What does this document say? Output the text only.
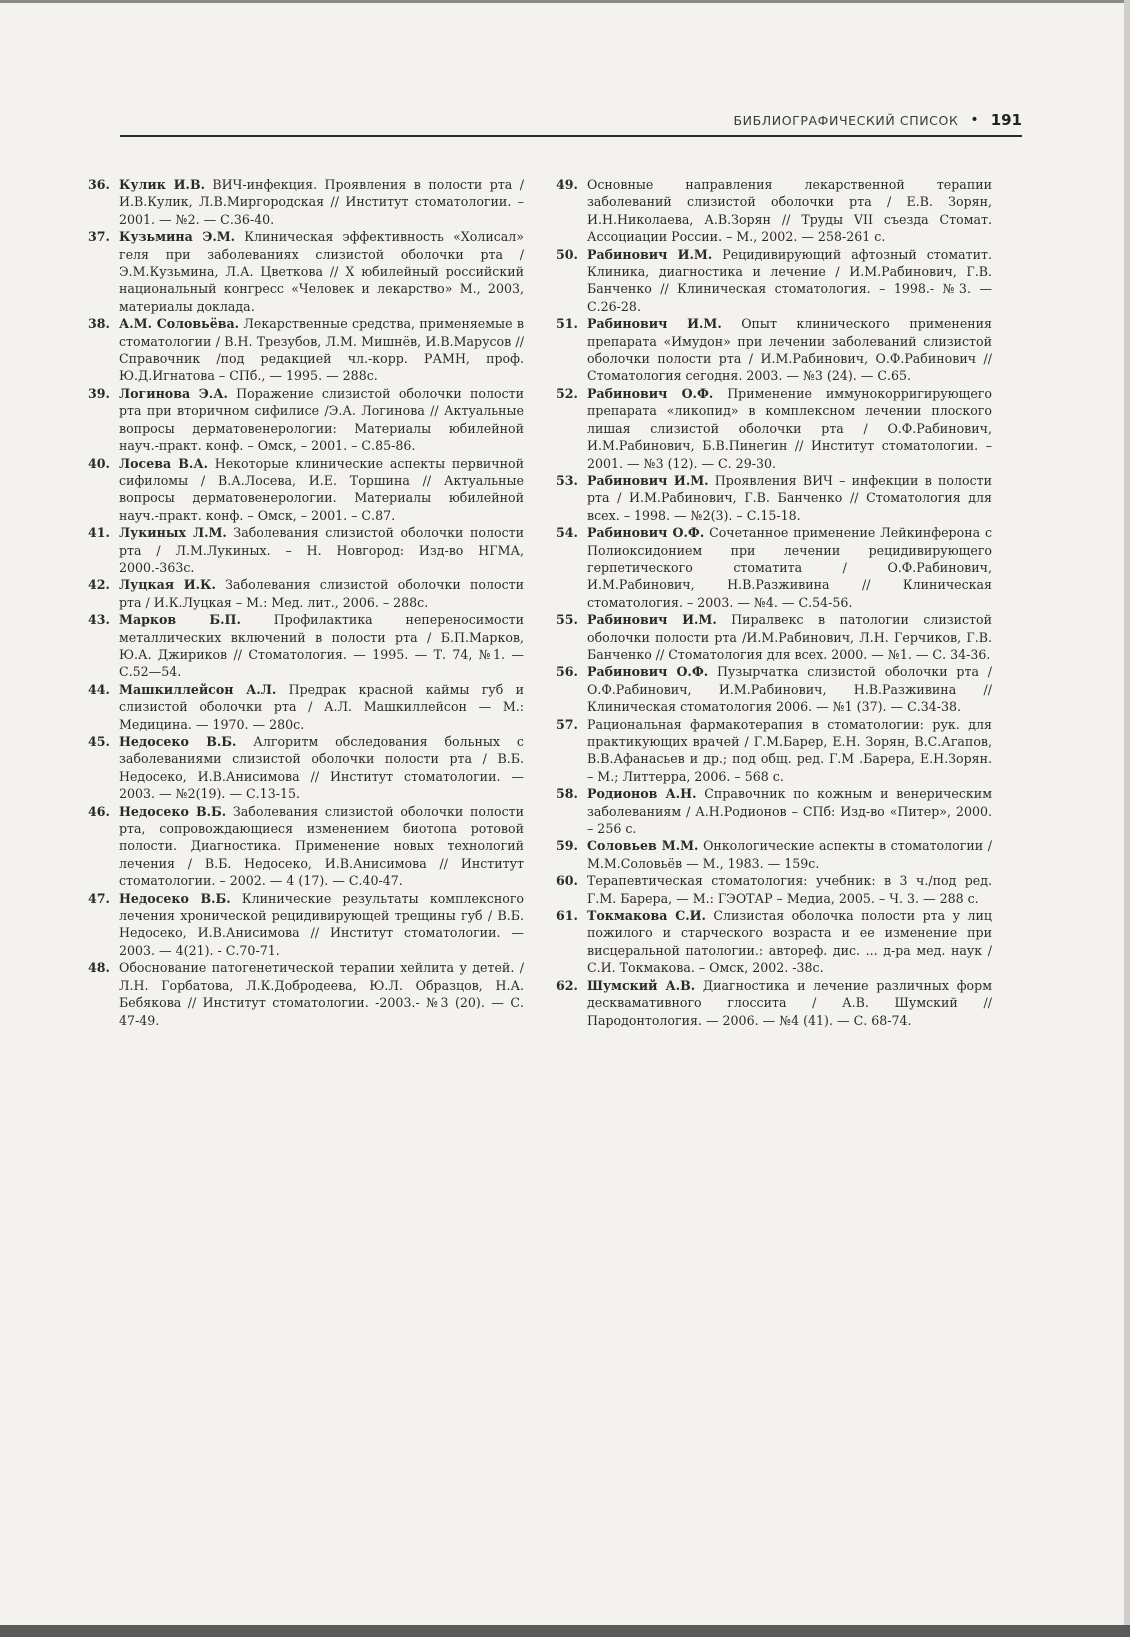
БИБЛИОГРАФИЧЕСКИЙ СПИСОК • 191
36. Кулик И.В. ВИЧ-инфекция. Проявления в полости рта / И.В.Кулик, Л.В.Миргородская // Институт стоматологии. – 2001. — №2. — С.36-40.
37. Кузьмина Э.М. Клиническая эффективность «Холисал» геля при заболеваниях слизистой оболочки рта / Э.М.Кузьмина, Л.А. Цветкова // X юбилейный российский национальный конгресс «Человек и лекарство» М., 2003, материалы доклада.
38. А.М. Соловьёва. Лекарственные средства, применяемые в стоматологии / В.Н. Трезубов, Л.М. Мишнёв, И.В.Марусов // Справочник /под редакцией чл.-корр. РАМН, проф. Ю.Д.Игнатова – СПб., — 1995. — 288с.
39. Логинова Э.А. Поражение слизистой оболочки полости рта при вторичном сифилисе /Э.А. Логинова // Актуальные вопросы дерматовенерологии: Материалы юбилейной науч.-практ. конф. – Омск, – 2001. – С.85-86.
40. Лосева В.А. Некоторые клинические аспекты первичной сифиломы / В.А.Лосева, И.Е. Торшина // Актуальные вопросы дерматовенерологии. Материалы юбилейной науч.-практ. конф. – Омск, – 2001. – С.87.
41. Лукиных Л.М. Заболевания слизистой оболочки полости рта / Л.М.Лукиных. – Н. Новгород: Изд-во НГМА, 2000.-363с.
42. Луцкая И.К. Заболевания слизистой оболочки полости рта / И.К.Луцкая – М.: Мед. лит., 2006. – 288с.
43. Марков Б.П. Профилактика непереносимости металлических включений в полости рта / Б.П.Марков, Ю.А. Джириков // Стоматология. — 1995. — Т. 74, №1. — С.52—54.
44. Машкиллейсон А.Л. Предрак красной каймы губ и слизистой оболочки рта / А.Л. Машкиллейсон — М.: Медицина. — 1970. — 280с.
45. Недосеко В.Б. Алгоритм обследования больных с заболеваниями слизистой оболочки полости рта / В.Б. Недосеко, И.В.Анисимова // Институт стоматологии. — 2003. — №2(19). — С.13-15.
46. Недосеко В.Б. Заболевания слизистой оболочки полости рта, сопровождающиеся изменением биотопа ротовой полости. Диагностика. Применение новых технологий лечения / В.Б. Недосеко, И.В.Анисимова // Институт стоматологии. – 2002. — 4 (17). — С.40-47.
47. Недосеко В.Б. Клинические результаты комплексного лечения хронической рецидивирующей трещины губ / В.Б. Недосеко, И.В.Анисимова // Институт стоматологии. — 2003. — 4(21). - С.70-71.
48. Обоснование патогенетической терапии хейлита у детей. / Л.Н. Горбатова, Л.К.Добродеева, Ю.Л. Образцов, Н.А. Бебякова // Институт стоматологии. -2003.- №3 (20). — С. 47-49.
49. Основные направления лекарственной терапии заболеваний слизистой оболочки рта / Е.В. Зорян, И.Н.Николаева, А.В.Зорян // Труды VII съезда Стомат. Ассоциации России. – М., 2002. — 258-261 с.
50. Рабинович И.М. Рецидивирующий афтозный стоматит. Клиника, диагностика и лечение / И.М.Рабинович, Г.В. Банченко // Клиническая стоматология. – 1998.- №3. — С.26-28.
51. Рабинович И.М. Опыт клинического применения препарата «Имудон» при лечении заболеваний слизистой оболочки полости рта / И.М.Рабинович, О.Ф.Рабинович // Стоматология сегодня. 2003. — №3 (24). — С.65.
52. Рабинович О.Ф. Применение иммунокорригирующего препарата «ликопид» в комплексном лечении плоского лишая слизистой оболочки рта / О.Ф.Рабинович, И.М.Рабинович, Б.В.Пинегин // Институт стоматологии. – 2001. — №3 (12). — С. 29-30.
53. Рабинович И.М. Проявления ВИЧ – инфекции в полости рта / И.М.Рабинович, Г.В. Банченко // Стоматология для всех. – 1998. — №2(3). – С.15-18.
54. Рабинович О.Ф. Сочетанное применение Лейкинферона с Полиоксидонием при лечении рецидивирующего герпетического стоматита / О.Ф.Рабинович, И.М.Рабинович, Н.В.Разживина // Клиническая стоматология. – 2003. — №4. — С.54-56.
55. Рабинович И.М. Пиралвекс в патологии слизистой оболочки полости рта /И.М.Рабинович, Л.Н. Герчиков, Г.В. Банченко // Стоматология для всех. 2000. — №1. — С. 34-36.
56. Рабинович О.Ф. Пузырчатка слизистой оболочки рта / О.Ф.Рабинович, И.М.Рабинович, Н.В.Разживина // Клиническая стоматология 2006. — №1 (37). — С.34-38.
57. Рациональная фармакотерапия в стоматологии: рук. для практикующих врачей / Г.М.Барер, Е.Н. Зорян, В.С.Агапов, В.В.Афанасьев и др.; под общ. ред. Г.М .Барера, Е.Н.Зорян. – М.; Литтерра, 2006. – 568 с.
58. Родионов А.Н. Справочник по кожным и венерическим заболеваниям / А.Н.Родионов – СПб: Изд-во «Питер», 2000. – 256 с.
59. Соловьев М.М. Онкологические аспекты в стоматологии / М.М.Соловьёв — М., 1983. — 159с.
60. Терапевтическая стоматология: учебник: в 3 ч./под ред. Г.М. Барера, — М.: ГЭОТАР – Медиа, 2005. – Ч. 3. — 288 с.
61. Токмакова С.И. Слизистая оболочка полости рта у лиц пожилого и старческого возраста и ее изменение при висцеральной патологии.: автореф. дис. ... д-ра мед. наук / С.И. Токмакова. – Омск, 2002. -38с.
62. Шумский А.В. Диагностика и лечение различных форм десквамативного глоссита / А.В. Шумский // Пародонтология. — 2006. — №4 (41). — С. 68-74.
